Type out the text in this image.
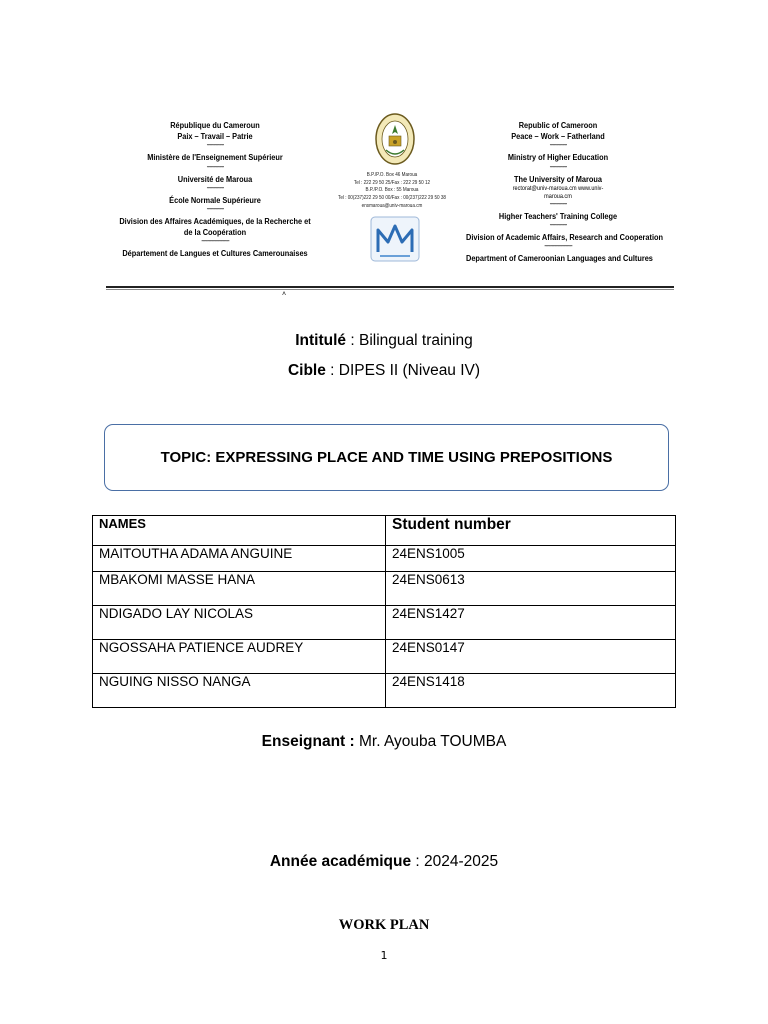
République du Cameroun
Paix – Travail – Patrie
-----------
Ministère de l'Enseignement Supérieur
-----------
Université de Maroua
-----------
École Normale Supérieure
-----------
Division des Affaires Académiques, de la Recherche et
de la Coopération
------------------
Département de Langues et Cultures Camerounaises
B.P./P.O. Box 46 Maroua
Tel : 222 29 50 25/Fax : 222 29 50 12
B.P./P.O. Box : 55 Maroua
Tel : 00(237)222 29 50 00/Fax : 00(237)222 29 50 38
ensmaroua@univ-maroua.cm
Republic of Cameroon
Peace – Work – Fatherland
-----------
Ministry of Higher Education
-----------
The University of Maroua
rectorat@univ-maroua.cm www.univ-
maroua.cm
-----------
Higher Teachers' Training College
-----------
Division of Academic Affairs, Research and Cooperation
------------------
Department of Cameroonian Languages and Cultures
˄
Intitulé : Bilingual training
Cible : DIPES II (Niveau IV)
TOPIC: EXPRESSING PLACE AND TIME USING PREPOSITIONS
NAMES	Student number
MAITOUTHA ADAMA ANGUINE	24ENS1005
MBAKOMI MASSE HANA	24ENS0613
NDIGADO LAY NICOLAS	24ENS1427
NGOSSAHA PATIENCE AUDREY	24ENS0147
NGUING NISSO NANGA	24ENS1418
Enseignant : Mr. Ayouba TOUMBA
Année académique : 2024-2025
WORK PLAN
1
